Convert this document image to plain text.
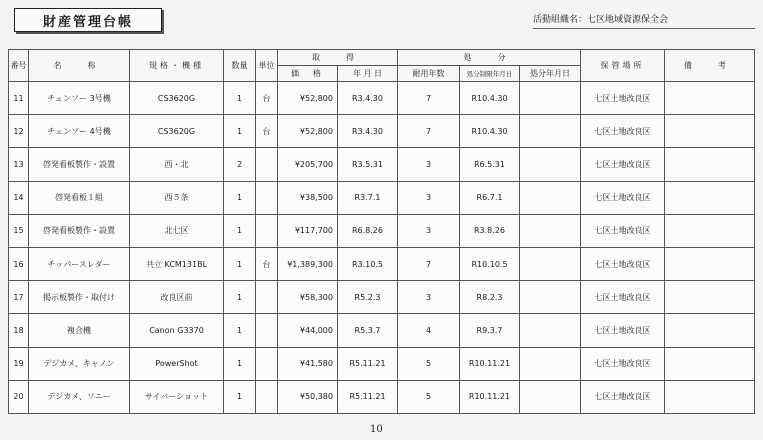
財産管理台帳	活動組織名：七区地域資源保全会
番号	名　称	規格・機種	数量	単位	取　得		処　分			保管場所	備　考
					価　格	年 月 日	耐用年数	処分制限年月日	処分年月日		
11	チェンソー 3号機	CS3620G	1	台	¥52,800	R3.4.30	7	R10.4.30		七区土地改良区	
12	チェンソー 4号機	CS3620G	1	台	¥52,800	R3.4.30	7	R10.4.30		七区土地改良区	
13	啓発看板製作・設置	西・北	2		¥205,700	R3.5.31	3	R6.5.31		七区土地改良区	
14	啓発看板１組	西５条	1		¥38,500	R3.7.1	3	R6.7.1		七区土地改良区	
15	啓発看板製作・設置	北七区	1		¥117,700	R6.8.26	3	R3.8.26		七区土地改良区	
16	チッパースレダー	共立 KCM131BL	1	台	¥1,389,300	R3.10.5	7	R10.10.5		七区土地改良区	
17	掲示板製作・取付け	改良区前	1		¥58,300	R5.2.3	3	R8.2.3		七区土地改良区	
18	複合機	Canon G3370	1		¥44,000	R5.3.7	4	R9.3.7		七区土地改良区	
19	デジカメ、キャノン	PowerShot	1		¥41,580	R5.11.21	5	R10.11.21		七区土地改良区	
20	デジカメ、ソニー	サイバーショット	1		¥50,380	R5.11.21	5	R10.11.21		七区土地改良区	
10
